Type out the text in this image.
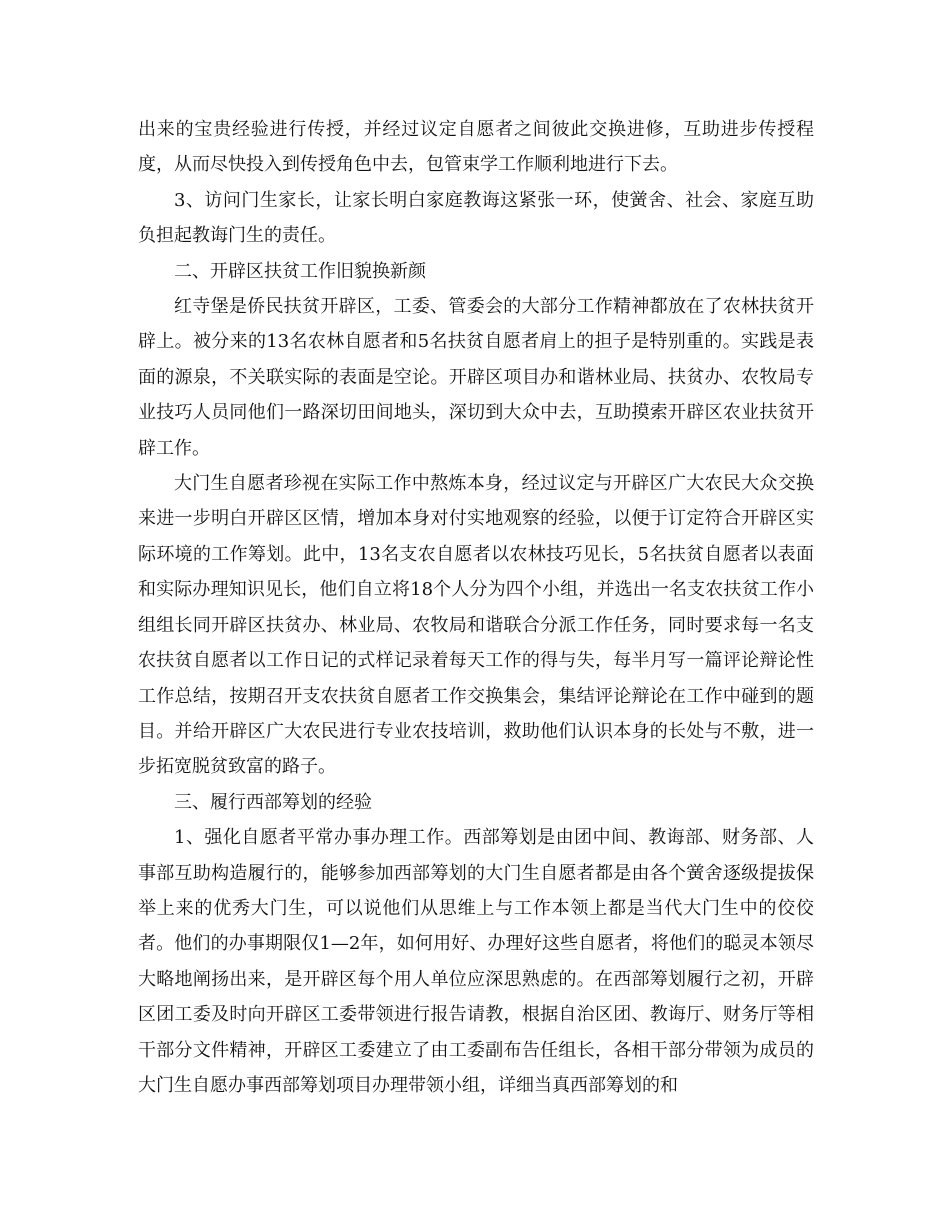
出来的宝贵经验进行传授，并经过议定自愿者之间彼此交换进修，互助进步传授程度，从而尽快投入到传授角色中去，包管束学工作顺利地进行下去。

3、访问门生家长，让家长明白家庭教诲这紧张一环，使黉舍、社会、家庭互助负担起教诲门生的责任。

二、开辟区扶贫工作旧貌换新颜

红寺堡是侨民扶贫开辟区，工委、管委会的大部分工作精神都放在了农林扶贫开辟上。被分来的13名农林自愿者和5名扶贫自愿者肩上的担子是特别重的。实践是表面的源泉，不关联实际的表面是空论。开辟区项目办和谐林业局、扶贫办、农牧局专业技巧人员同他们一路深切田间地头，深切到大众中去，互助摸索开辟区农业扶贫开辟工作。

大门生自愿者珍视在实际工作中熬炼本身，经过议定与开辟区广大农民大众交换来进一步明白开辟区区情，增加本身对付实地观察的经验，以便于订定符合开辟区实际环境的工作筹划。此中，13名支农自愿者以农林技巧见长，5名扶贫自愿者以表面和实际办理知识见长，他们自立将18个人分为四个小组，并选出一名支农扶贫工作小组组长同开辟区扶贫办、林业局、农牧局和谐联合分派工作任务，同时要求每一名支农扶贫自愿者以工作日记的式样记录着每天工作的得与失，每半月写一篇评论辩论性工作总结，按期召开支农扶贫自愿者工作交换集会，集结评论辩论在工作中碰到的题目。并给开辟区广大农民进行专业农技培训，救助他们认识本身的长处与不敷，进一步拓宽脱贫致富的路子。

三、履行西部筹划的经验

1、强化自愿者平常办事办理工作。西部筹划是由团中间、教诲部、财务部、人事部互助构造履行的，能够参加西部筹划的大门生自愿者都是由各个黉舍逐级提拔保举上来的优秀大门生，可以说他们从思维上与工作本领上都是当代大门生中的佼佼者。他们的办事期限仅1—2年，如何用好、办理好这些自愿者，将他们的聪灵本领尽大略地阐扬出来，是开辟区每个用人单位应深思熟虑的。在西部筹划履行之初，开辟区团工委及时向开辟区工委带领进行报告请教，根据自治区团、教诲厅、财务厅等相干部分文件精神，开辟区工委建立了由工委副布告任组长，各相干部分带领为成员的大门生自愿办事西部筹划项目办理带领小组，详细当真西部筹划的和
